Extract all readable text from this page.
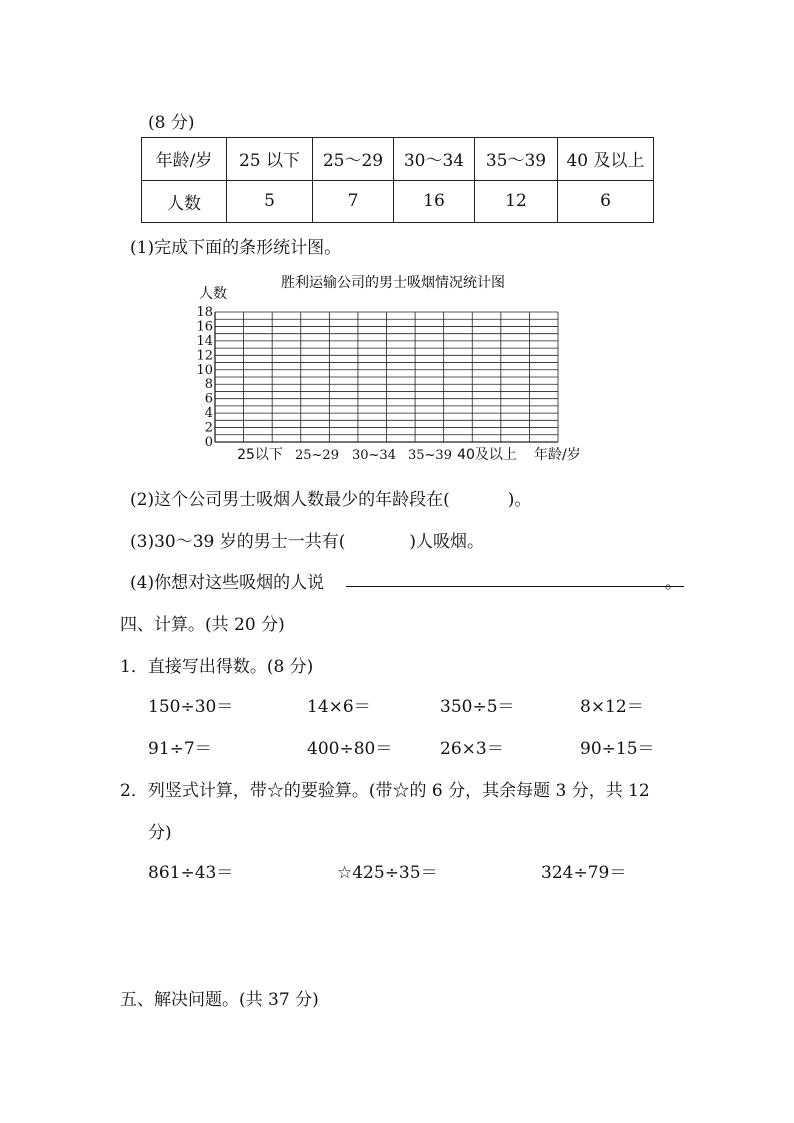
(8 分)
年龄/岁	25 以下	25～29	30～34	35～39	40 及以上
人数	5	7	16	12	6
(1)完成下面的条形统计图。
胜利运输公司的男士吸烟情况统计图
人数
年龄/岁
0
2
4
6
8
10
12
14
16
18
25以下 25~29 30~34 35~39 40及以上
(2)这个公司男士吸烟人数最少的年龄段在(	)。
(3)30～39 岁的男士一共有(	)人吸烟。
(4)你想对这些吸烟的人说	。
四、计算。(共 20 分)
1．直接写出得数。(8 分)
150÷30＝	14×6＝	350÷5＝	8×12＝
91÷7＝	400÷80＝	26×3＝	90÷15＝
2．列竖式计算，带☆的要验算。(带☆的 6 分，其余每题 3 分，共 12
分)
861÷43＝	☆425÷35＝	324÷79＝
五、解决问题。(共 37 分)
